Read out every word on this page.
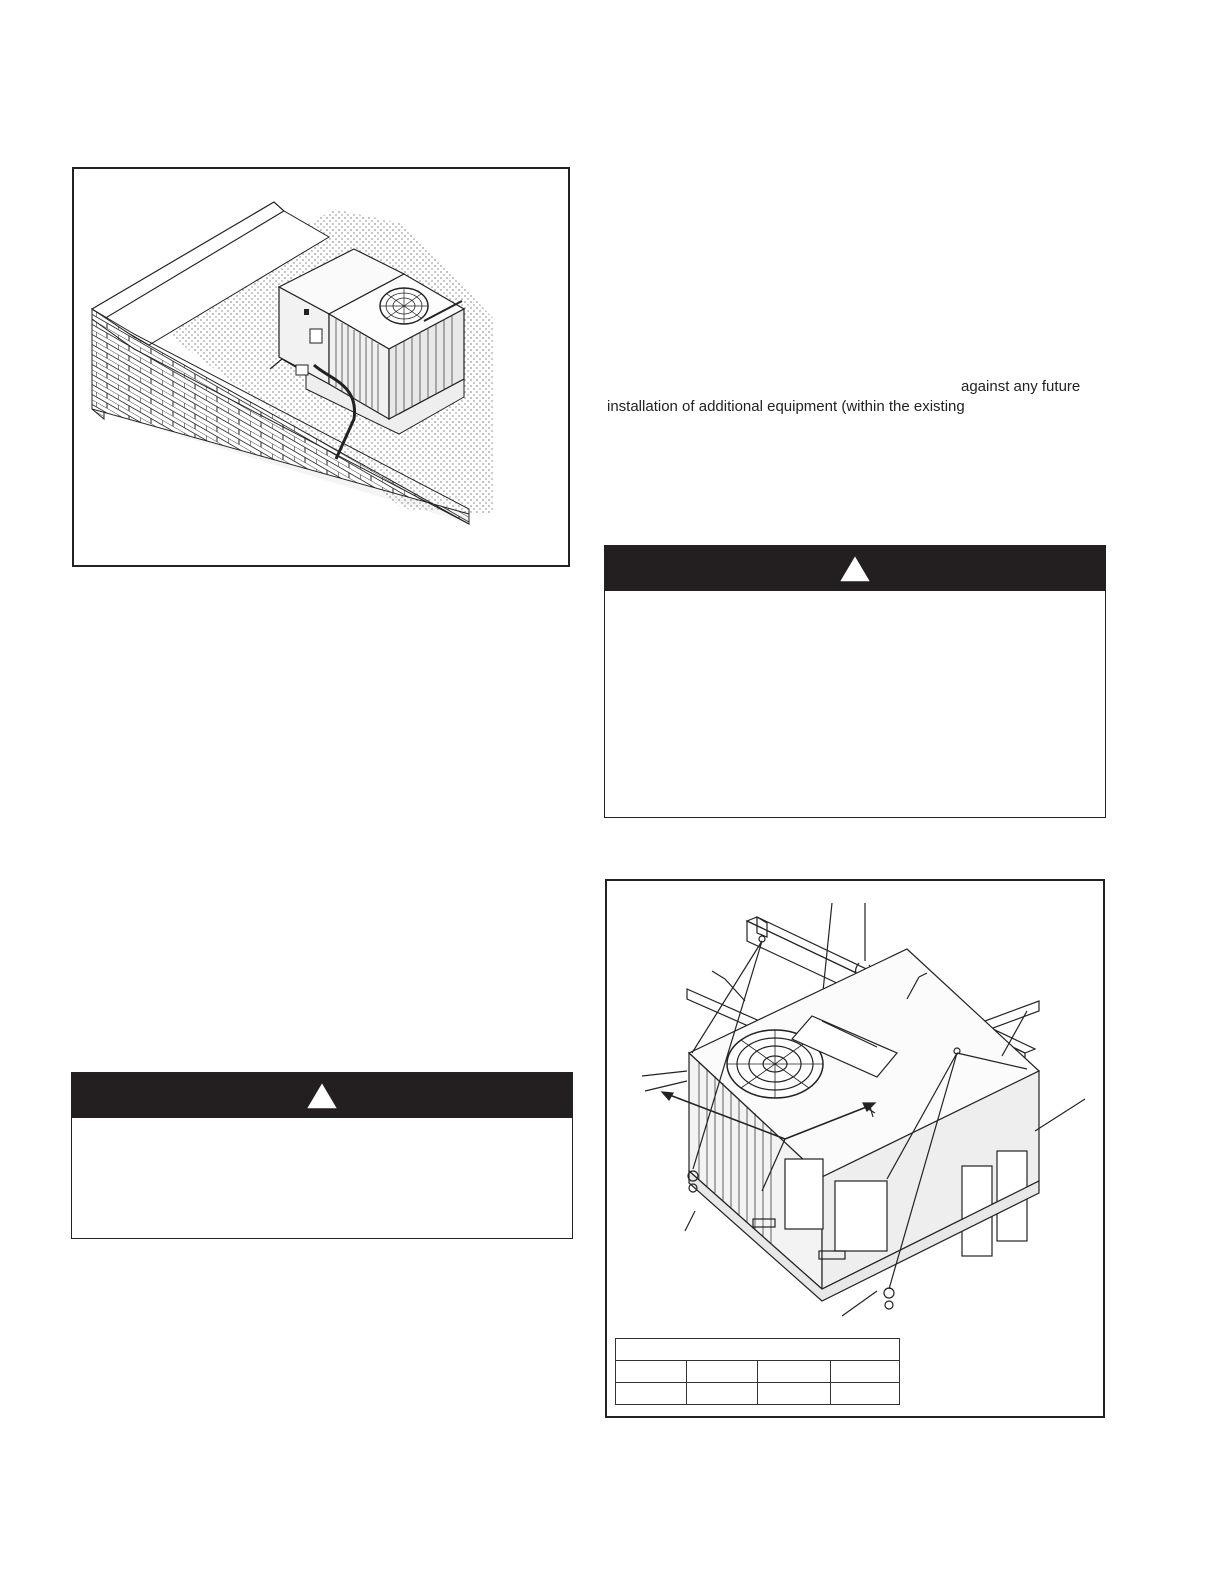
against any future
installation of additional equipment (within the existing
